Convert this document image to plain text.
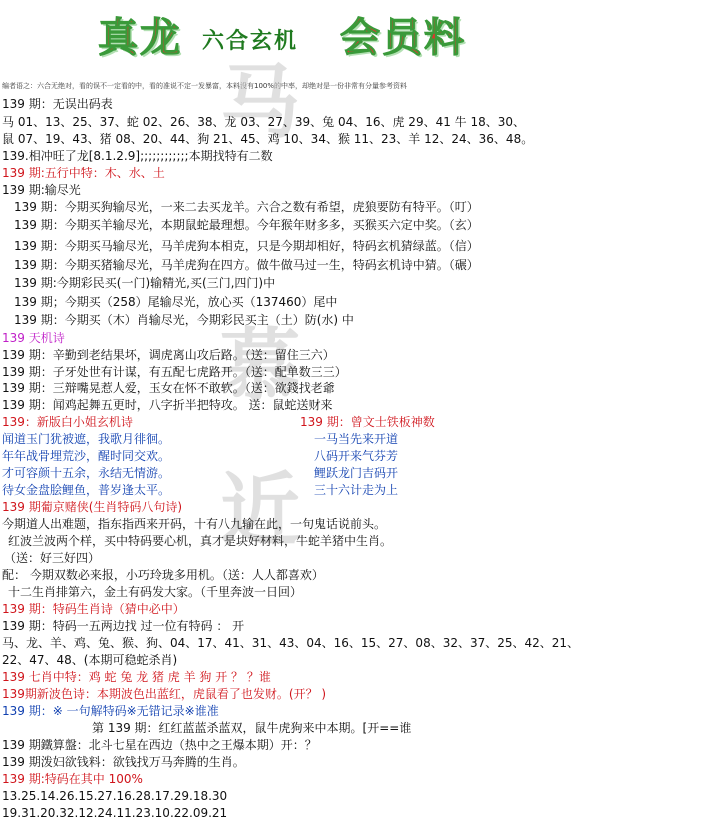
真龙 六合玄机 会员料
编者语之：六合无绝对，看的误不一定看的中，看的准说不定一发暴富，本料没有100%的中率，却绝对是一份非常有分量参考资料
马
慕
近
139 期：无误出码表
马 01、13、25、37、蛇 02、26、38、龙 03、27、39、兔 04、16、虎 29、41 牛 18、30、
鼠 07、19、43、猪 08、20、44、狗 21、45、鸡 10、34、猴 11、23、羊 12、24、36、48。
139.相冲旺了龙[8.1.2.9];;;;;;;;;;;;本期找特有二数
139 期:五行中特：木、水、土
139 期:输尽光
139 期：今期买狗输尽光，一来二去买龙羊。六合之数有希望，虎狼要防有特平。（叮）
139 期：今期买羊输尽光，本期鼠蛇最理想。今年猴年财多多，买猴买六定中奖。（玄）
139 期：今期买马输尽光，马羊虎狗本相克，只是今期却相好，特码玄机猜绿蓝。（信）
139 期：今期买猪输尽光，马羊虎狗在四方。做牛做马过一生，特码玄机诗中猜。（碾）
139 期:今期彩民买(一门)输精光,买(三门,四门)中
139 期；今期买（258）尾输尽光，放心买（137460）尾中
139 期：今期买（木）肖输尽光，今期彩民买主（土）防(水) 中
139 天机诗
139 期：辛勤到老结果坏，调虎离山攻后路。（送：留住三六）
139 期：子牙处世有计谋，有五配七虎路开。（送：配单数三三）
139 期：三辩嘴晃惹人爱，玉女在怀不敢软。（送：欲錢找老爺
139 期：闻鸡起舞五更时，八字折半把特攻。 送：鼠蛇送财来
139：新版白小姐玄机诗	139 期：曾文士铁板神数
闻道玉门犹被遮，我歌月徘徊。	一马当先来开道
年年战骨埋荒沙，醒时同交欢。	八码开来气芬芳
才可容颜十五余，永结无情游。	鲤跃龙门吉码开
待女金盘脍鲤鱼，普岁逢太平。	三十六计走为上
139 期葡京赌侠(生肖特码八句诗)
今期道人出难题，指东指西来开码，十有八九输在此，一句鬼话说前头。
红波兰波两个样，买中特码要心机，真才是块好材料，牛蛇羊猪中生肖。
（送：好三好四）
配： 今期双数必来报，小巧玲珑多用机。（送：人人都喜欢）
十二生肖排第六，金土有码发大家。（千里奔波一日回）
139 期：特码生肖诗（猜中必中）
139 期：特码一五两边找 过一位有特码 ： 开
马、龙、羊、鸡、兔、猴、狗、04、17、41、31、43、04、16、15、27、08、32、37、25、42、21、
22、47、48、(本期可稳蛇杀肖)
139 七肖中特：鸡 蛇 兔 龙 猪 虎 羊 狗 开 ？ ？谁
139期新波色诗：本期波色出蓝红，虎鼠看了也发财。(开？ )
139 期：※ 一句解特码※无错记录※谁准
第 139 期：红红蓝蓝杀蓝双，鼠牛虎狗来中本期。[开==谁
139 期鐵算盤：北斗七星在西边（热中之王爆本期）开：？
139 期泼妇欲钱料：欲钱找万马奔腾的生肖。
139 期:特码在其中 100%
13.25.14.26.15.27.16.28.17.29.18.30
19.31.20.32.12.24.11.23.10.22.09.21
